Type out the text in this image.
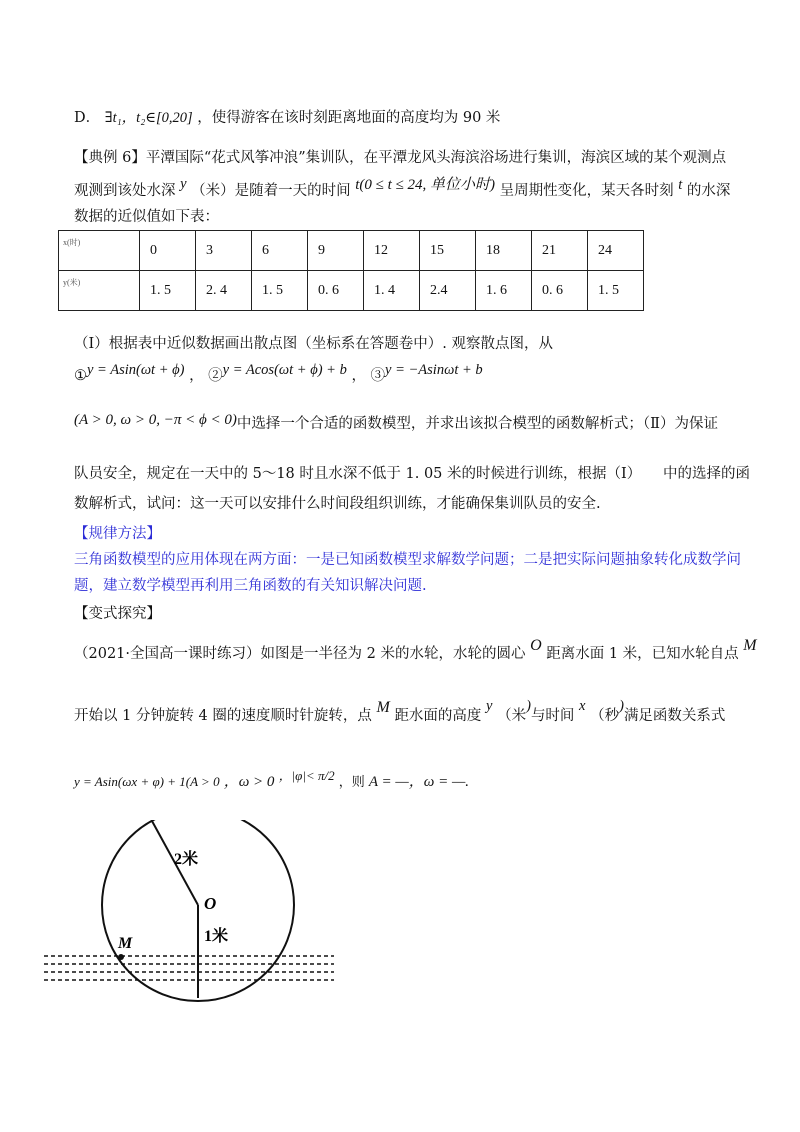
D． ∃t₁，t₂∈[0,20] ，使得游客在该时刻距离地面的高度均为 90 米
【典例 6】平潭国际“花式风筝冲浪”集训队，在平潭龙风头海滨浴场进行集训，海滨区域的某个观测点
观测到该处水深 y （米）是随着一天的时间 t(0 ≤ t ≤ 24, 单位小时) 呈周期性变化，某天各时刻 t 的水深
数据的近似值如下表：
x(时)	0	3	6	9	12	15	18	21	24
y(米)	1. 5	2. 4	1. 5	0. 6	1. 4	2.4	1. 6	0. 6	1. 5
（Ⅰ）根据表中近似数据画出散点图（坐标系在答题卷中）. 观察散点图，从
①y = Asin(ωt + ϕ) ， ②y = Acos(ωt + ϕ) + b ， ③y = −Asinωt + b
(A > 0, ω > 0, −π < ϕ < 0)中选择一个合适的函数模型，并求出该拟合模型的函数解析式；（Ⅱ）为保证
队员安全，规定在一天中的 5～18 时且水深不低于 1. 05 米的时候进行训练，根据（Ⅰ）　　中的选择的函
数解析式，试问：这一天可以安排什么时间段组织训练，才能确保集训队员的安全.
【规律方法】
三角函数模型的应用体现在两方面：一是已知函数模型求解数学问题；二是把实际问题抽象转化成数学问
题，建立数学模型再利用三角函数的有关知识解决问题.
【变式探究】
（2021·全国高一课时练习）如图是一半径为 2 米的水轮，水轮的圆心 O 距离水面 1 米，已知水轮自点 M
开始以 1 分钟旋转 4 圈的速度顺时针旋转，点 M 距水面的高度 y （米)与时间 x （秒)满足函数关系式
y = Asin(ωx + φ) + 1(A > 0 ，ω > 0 ，|φ|< π/2 ，则 A = —，ω = —.
2米
O
1米
M
